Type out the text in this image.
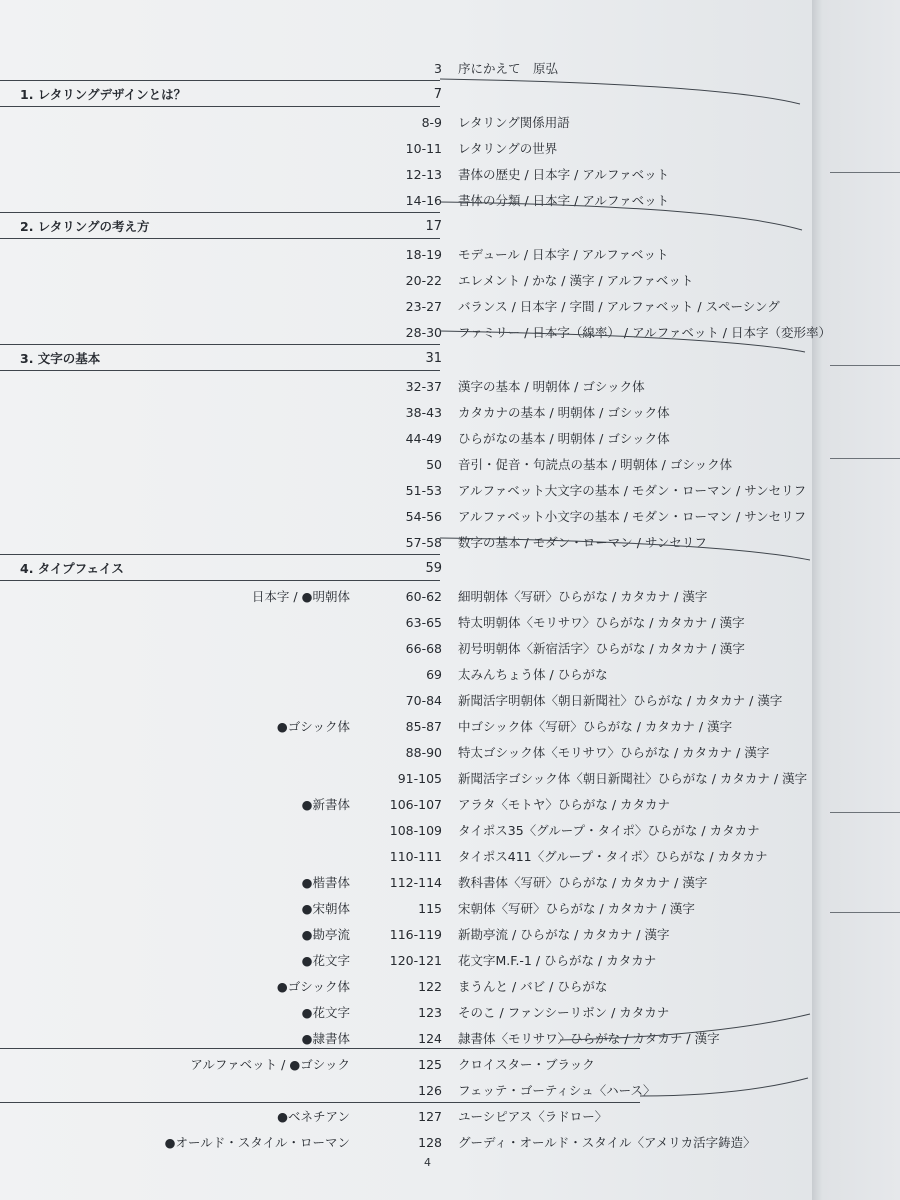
3 序にかえて　原弘
1. レタリングデザインとは？	7
8-9 レタリング関係用語
10-11 レタリングの世界
12-13 書体の歴史 / 日本字 / アルファベット
14-16 書体の分類 / 日本字 / アルファベット
2. レタリングの考え方	17
18-19 モデュール / 日本字 / アルファベット
20-22 エレメント / かな / 漢字 / アルファベット
23-27 バランス / 日本字 / 字間 / アルファベット / スペーシング
28-30 ファミリー / 日本字（線率） / アルファベット / 日本字（変形率）
3. 文字の基本	31
32-37 漢字の基本 / 明朝体 / ゴシック体
38-43 カタカナの基本 / 明朝体 / ゴシック体
44-49 ひらがなの基本 / 明朝体 / ゴシック体
50 音引・促音・句読点の基本 / 明朝体 / ゴシック体
51-53 アルファベット大文字の基本 / モダン・ローマン / サンセリフ
54-56 アルファベット小文字の基本 / モダン・ローマン / サンセリフ
57-58 数字の基本 / モダン・ローマン / サンセリフ
4. タイプフェイス	59
日本字 / ●明朝体	60-62 細明朝体〈写研〉ひらがな / カタカナ / 漢字
63-65 特太明朝体〈モリサワ〉ひらがな / カタカナ / 漢字
66-68 初号明朝体〈新宿活字〉ひらがな / カタカナ / 漢字
69 太みんちょう体 / ひらがな
70-84 新聞活字明朝体〈朝日新聞社〉ひらがな / カタカナ / 漢字
●ゴシック体	85-87 中ゴシック体〈写研〉ひらがな / カタカナ / 漢字
88-90 特太ゴシック体〈モリサワ〉ひらがな / カタカナ / 漢字
91-105 新聞活字ゴシック体〈朝日新聞社〉ひらがな / カタカナ / 漢字
●新書体	106-107 アラタ〈モトヤ〉ひらがな / カタカナ
108-109 タイポス35〈グループ・タイポ〉ひらがな / カタカナ
110-111 タイポス411〈グループ・タイポ〉ひらがな / カタカナ
●楷書体	112-114 教科書体〈写研〉ひらがな / カタカナ / 漢字
●宋朝体	115 宋朝体〈写研〉ひらがな / カタカナ / 漢字
●勘亭流	116-119 新勘亭流 / ひらがな / カタカナ / 漢字
●花文字	120-121 花文字M.F.-1 / ひらがな / カタカナ
●ゴシック体	122 まうんと / バビ / ひらがな
●花文字	123 そのこ / ファンシーリボン / カタカナ
●隷書体	124 隷書体〈モリサワ〉ひらがな / カタカナ / 漢字
アルファベット / ●ゴシック	125 クロイスター・ブラック
126 フェッテ・ゴーティシュ〈ハース〉
●ベネチアン	127 ユーシピアス〈ラドロー〉
●オールド・スタイル・ローマン	128 グーディ・オールド・スタイル〈アメリカ活字鋳造〉
4
